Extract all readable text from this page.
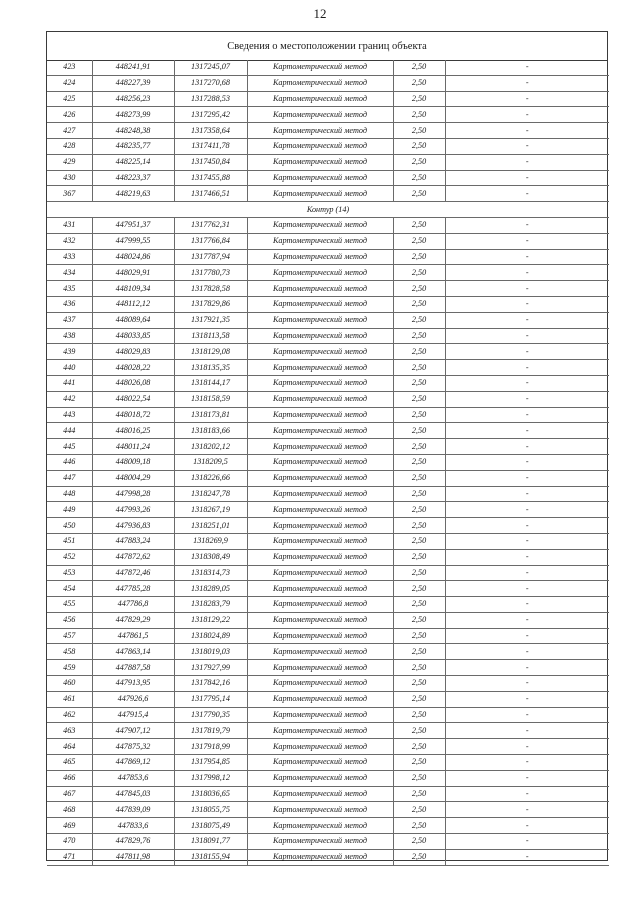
12
Сведения о местоположении границ объекта
423	448241,91	1317245,07	Картометрический метод	2,50	-
424	448227,39	1317270,68	Картометрический метод	2,50	-
425	448256,23	1317288,53	Картометрический метод	2,50	-
426	448273,99	1317295,42	Картометрический метод	2,50	-
427	448248,38	1317358,64	Картометрический метод	2,50	-
428	448235,77	1317411,78	Картометрический метод	2,50	-
429	448225,14	1317450,84	Картометрический метод	2,50	-
430	448223,37	1317455,88	Картометрический метод	2,50	-
367	448219,63	1317466,51	Картометрический метод	2,50	-
Контур (14)					
431	447951,37	1317762,31	Картометрический метод	2,50	-
432	447999,55	1317766,84	Картометрический метод	2,50	-
433	448024,86	1317787,94	Картометрический метод	2,50	-
434	448029,91	1317780,73	Картометрический метод	2,50	-
435	448109,34	1317828,58	Картометрический метод	2,50	-
436	448112,12	1317829,86	Картометрический метод	2,50	-
437	448089,64	1317921,35	Картометрический метод	2,50	-
438	448033,85	1318113,58	Картометрический метод	2,50	-
439	448029,83	1318129,08	Картометрический метод	2,50	-
440	448028,22	1318135,35	Картометрический метод	2,50	-
441	448026,08	1318144,17	Картометрический метод	2,50	-
442	448022,54	1318158,59	Картометрический метод	2,50	-
443	448018,72	1318173,81	Картометрический метод	2,50	-
444	448016,25	1318183,66	Картометрический метод	2,50	-
445	448011,24	1318202,12	Картометрический метод	2,50	-
446	448009,18	1318209,5	Картометрический метод	2,50	-
447	448004,29	1318226,66	Картометрический метод	2,50	-
448	447998,28	1318247,78	Картометрический метод	2,50	-
449	447993,26	1318267,19	Картометрический метод	2,50	-
450	447936,83	1318251,01	Картометрический метод	2,50	-
451	447883,24	1318269,9	Картометрический метод	2,50	-
452	447872,62	1318308,49	Картометрический метод	2,50	-
453	447872,46	1318314,73	Картометрический метод	2,50	-
454	447785,28	1318289,05	Картометрический метод	2,50	-
455	447786,8	1318283,79	Картометрический метод	2,50	-
456	447829,29	1318129,22	Картометрический метод	2,50	-
457	447861,5	1318024,89	Картометрический метод	2,50	-
458	447863,14	1318019,03	Картометрический метод	2,50	-
459	447887,58	1317927,99	Картометрический метод	2,50	-
460	447913,95	1317842,16	Картометрический метод	2,50	-
461	447926,6	1317795,14	Картометрический метод	2,50	-
462	447915,4	1317790,35	Картометрический метод	2,50	-
463	447907,12	1317819,79	Картометрический метод	2,50	-
464	447875,32	1317918,99	Картометрический метод	2,50	-
465	447869,12	1317954,85	Картометрический метод	2,50	-
466	447853,6	1317998,12	Картометрический метод	2,50	-
467	447845,03	1318036,65	Картометрический метод	2,50	-
468	447839,09	1318055,75	Картометрический метод	2,50	-
469	447833,6	1318075,49	Картометрический метод	2,50	-
470	447829,76	1318091,77	Картометрический метод	2,50	-
471	447811,98	1318155,94	Картометрический метод	2,50	-
